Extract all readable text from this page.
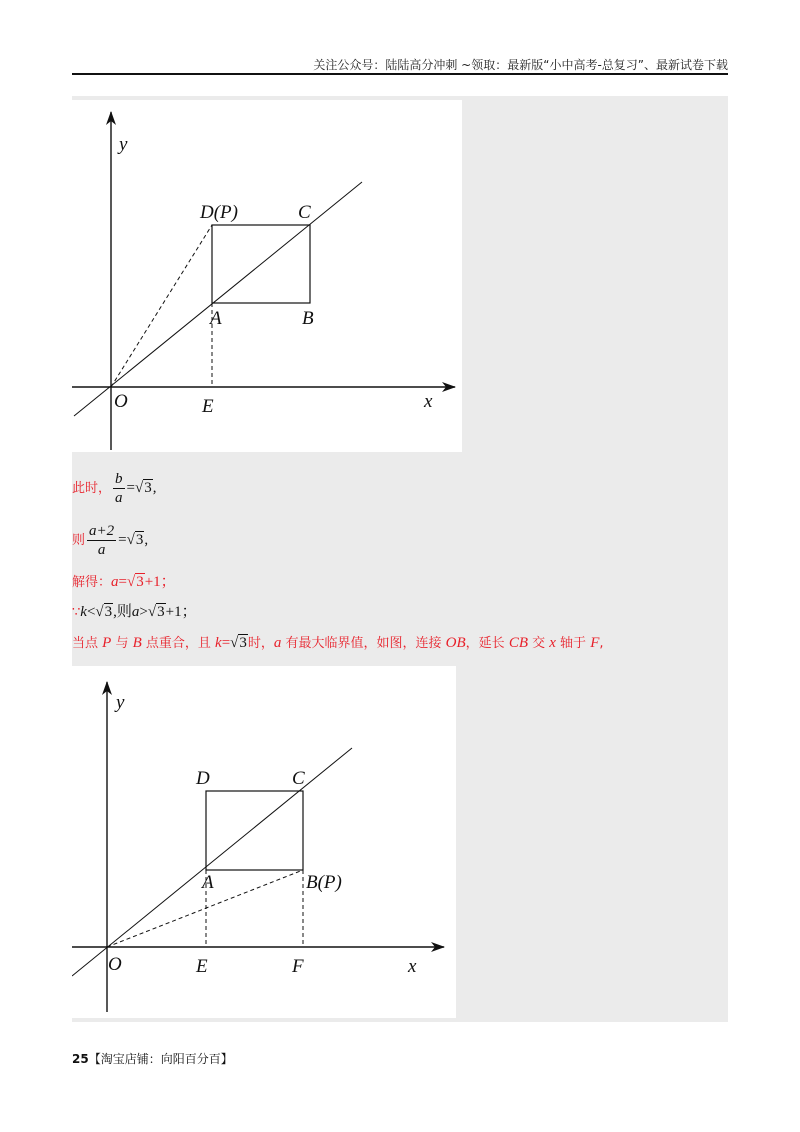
关注公众号：陆陆高分冲刺 ~领取：最新版“小中高考-总复习”、最新试卷下载
y
x
O	E
D(P)	C
A	B
此时， $\frac{b}{a} =√3$,
则 $\frac{a+2}{a} =√3$,
解得：a=√3+1；
∵k<√3,则a>√3+1；
当点 P 与 B 点重合，且 k=√3时，a 有最大临界值，如图，连接 OB，延长 CB 交 x 轴于 F,
y
x
O	E	F
D	C
A	B(P)
25【淘宝店铺：向阳百分百】
